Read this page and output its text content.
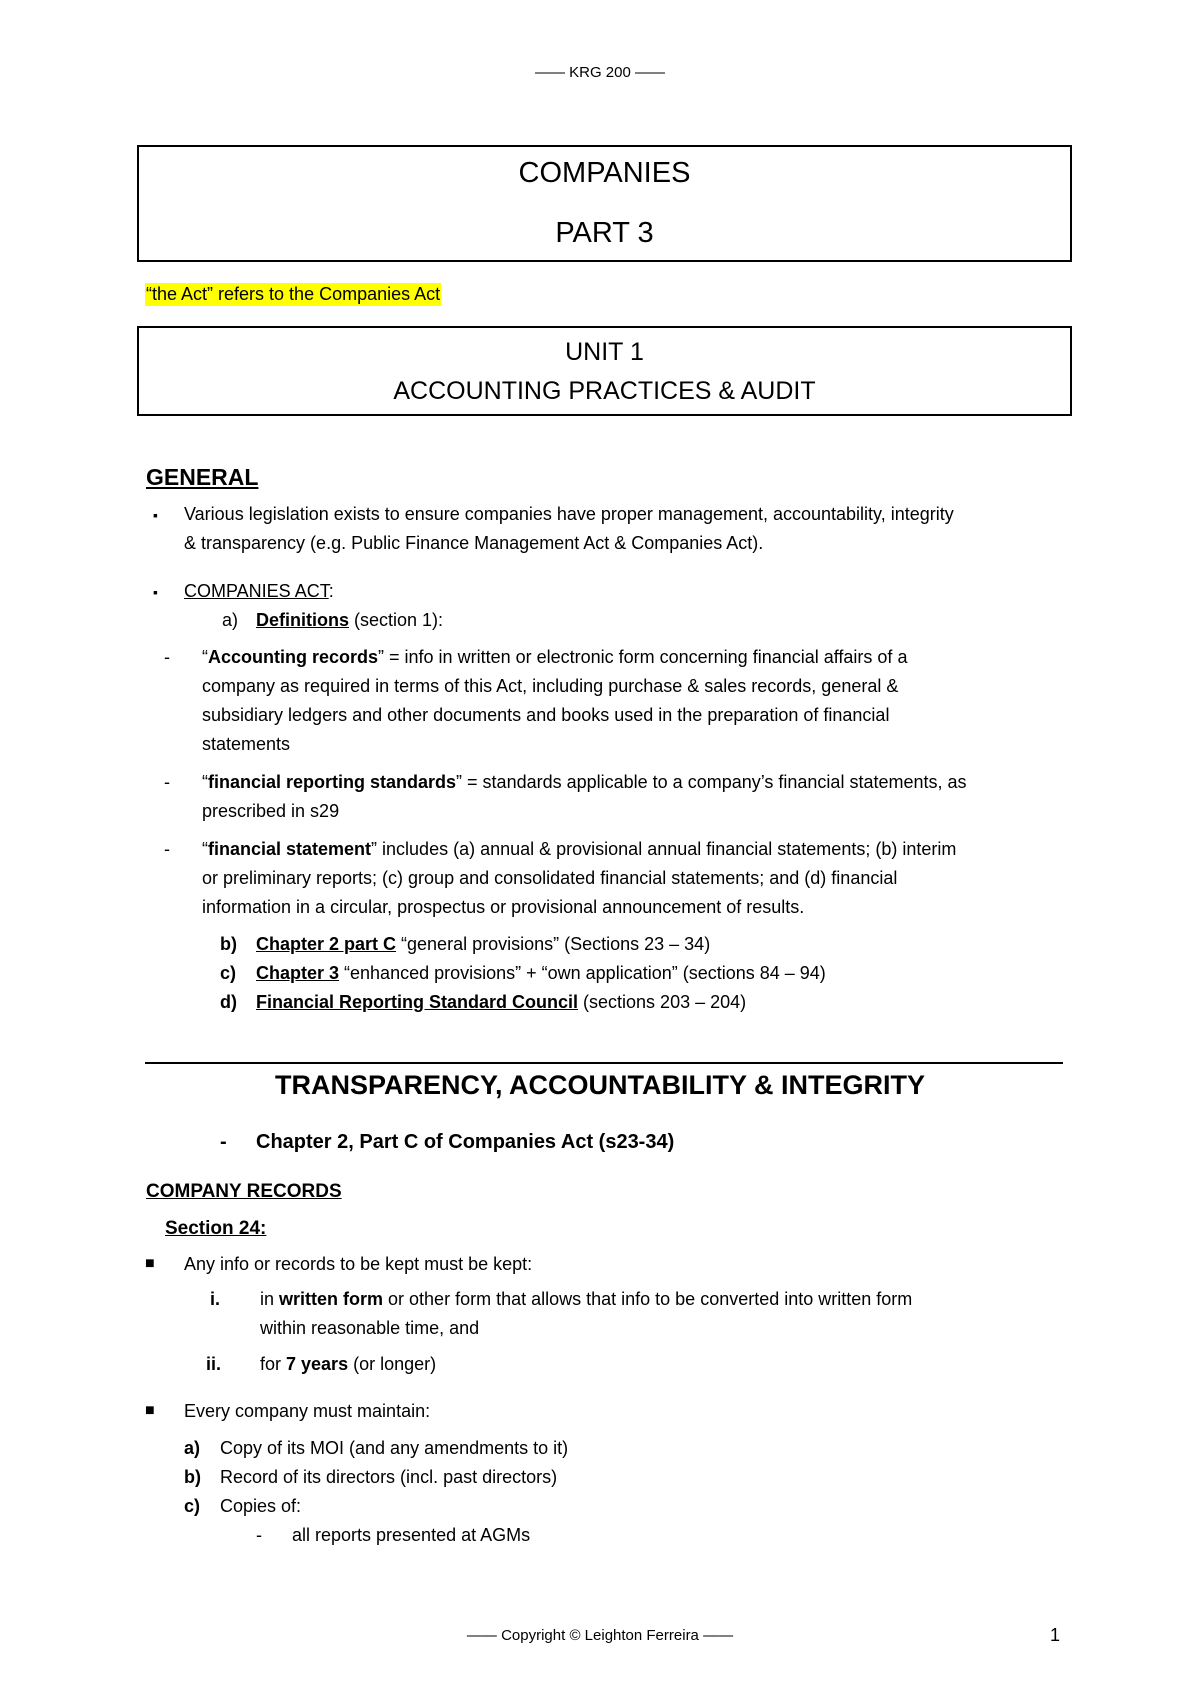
—— KRG 200 ——
COMPANIES
PART 3
“the Act” refers to the Companies Act
UNIT 1
ACCOUNTING PRACTICES & AUDIT
GENERAL
▪ Various legislation exists to ensure companies have proper management, accountability, integrity
& transparency (e.g. Public Finance Management Act & Companies Act).
▪ COMPANIES ACT:
a) Definitions (section 1):
- “Accounting records” = info in written or electronic form concerning financial affairs of a
company as required in terms of this Act, including purchase & sales records, general &
subsidiary ledgers and other documents and books used in the preparation of financial
statements
- “financial reporting standards” = standards applicable to a company’s financial statements, as
prescribed in s29
- “financial statement” includes (a) annual & provisional annual financial statements; (b) interim
or preliminary reports; (c) group and consolidated financial statements; and (d) financial
information in a circular, prospectus or provisional announcement of results.
b) Chapter 2 part C “general provisions” (Sections 23 – 34)
c) Chapter 3 “enhanced provisions” + “own application” (sections 84 – 94)
d) Financial Reporting Standard Council (sections 203 – 204)
TRANSPARENCY, ACCOUNTABILITY & INTEGRITY
- Chapter 2, Part C of Companies Act (s23-34)
COMPANY RECORDS
Section 24:
■ Any info or records to be kept must be kept:
i. in written form or other form that allows that info to be converted into written form
within reasonable time, and
ii. for 7 years (or longer)
■ Every company must maintain:
a) Copy of its MOI (and any amendments to it)
b) Record of its directors (incl. past directors)
c) Copies of:
- all reports presented at AGMs
—— Copyright © Leighton Ferreira ——	1
